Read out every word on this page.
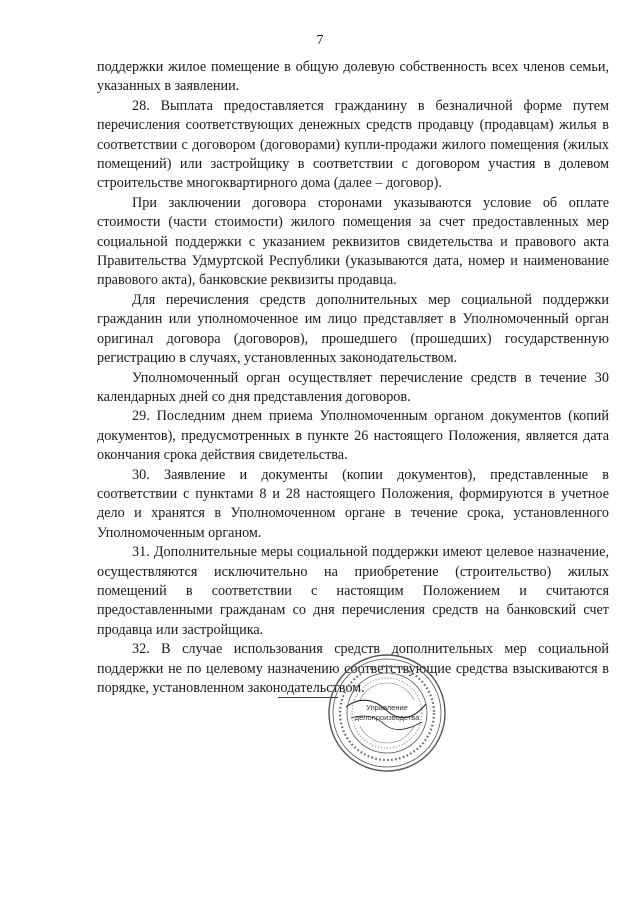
7

поддержки жилое помещение в общую долевую собственность всех членов семьи, указанных в заявлении.

28. Выплата предоставляется гражданину в безналичной форме путем перечисления соответствующих денежных средств продавцу (продавцам) жилья в соответствии с договором (договорами) купли-продажи жилого помещения (жилых помещений) или застройщику в соответствии с договором участия в долевом строительстве многоквартирного дома (далее – договор).

При заключении договора сторонами указываются условие об оплате стоимости (части стоимости) жилого помещения за счет предоставленных мер социальной поддержки с указанием реквизитов свидетельства и правового акта Правительства Удмуртской Республики (указываются дата, номер и наименование правового акта), банковские реквизиты продавца.

Для перечисления средств дополнительных мер социальной поддержки гражданин или уполномоченное им лицо представляет в Уполномоченный орган оригинал договора (договоров), прошедшего (прошедших) государственную регистрацию в случаях, установленных законодательством.

Уполномоченный орган осуществляет перечисление средств в течение 30 календарных дней со дня представления договоров.

29. Последним днем приема Уполномоченным органом документов (копий документов), предусмотренных в пункте 26 настоящего Положения, является дата окончания срока действия свидетельства.

30. Заявление и документы (копии документов), представленные в соответствии с пунктами 8 и 28 настоящего Положения, формируются в учетное дело и хранятся в Уполномоченном органе в течение срока, установленного Уполномоченным органом.

31. Дополнительные меры социальной поддержки имеют целевое назначение, осуществляются исключительно на приобретение (строительство) жилых помещений в соответствии с настоящим Положением и считаются предоставленными гражданам со дня перечисления средств на банковский счет продавца или застройщика.

32. В случае использования средств дополнительных мер социальной поддержки не по целевому назначению соответствующие средства взыскиваются в порядке, установленном законодательством.

Управление
делопроизводства
